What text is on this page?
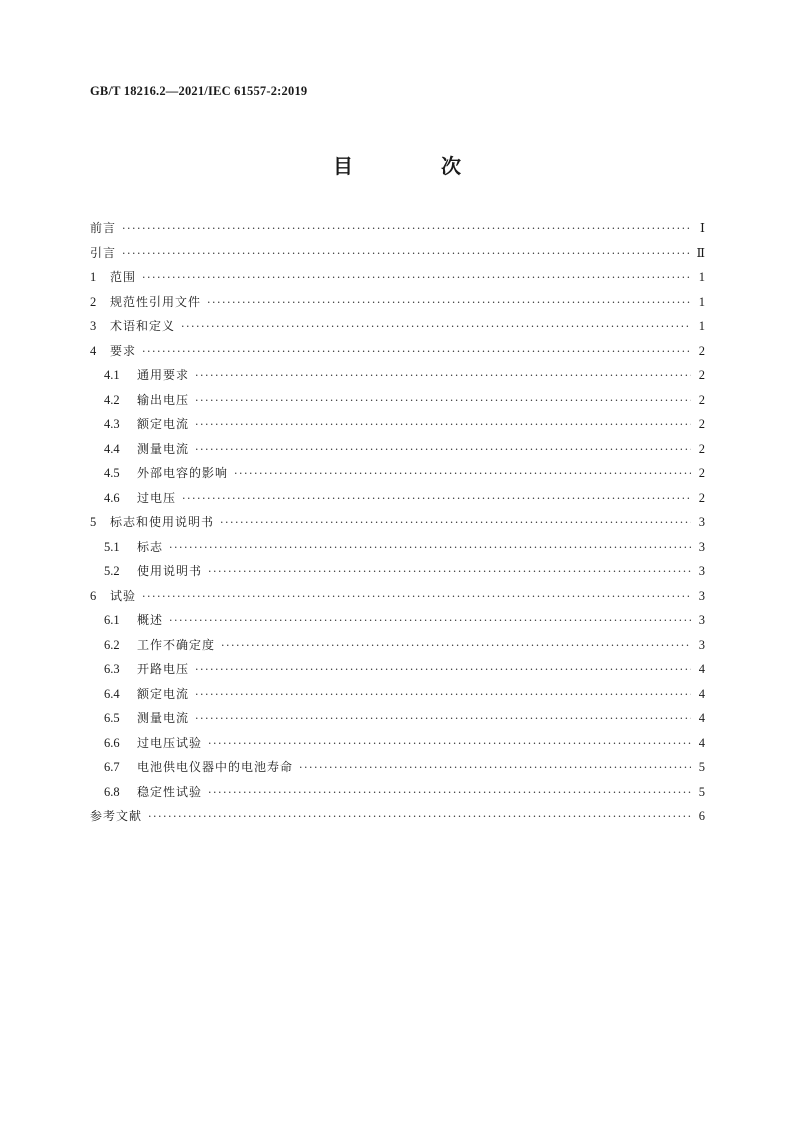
GB/T 18216.2—2021/IEC 61557-2:2019
目　次
前言 ·····	Ⅰ
引言 ·····	Ⅱ
1	范围 ·····	1
2	规范性引用文件 ·····	1
3	术语和定义 ·····	1
4	要求 ·····	2
4.1	通用要求 ·····	2
4.2	输出电压 ·····	2
4.3	额定电流 ·····	2
4.4	测量电流 ·····	2
4.5	外部电容的影响 ·····	2
4.6	过电压 ·····	2
5	标志和使用说明书 ·····	3
5.1	标志 ·····	3
5.2	使用说明书 ·····	3
6	试验 ·····	3
6.1	概述 ·····	3
6.2	工作不确定度 ·····	3
6.3	开路电压 ·····	4
6.4	额定电流 ·····	4
6.5	测量电流 ·····	4
6.6	过电压试验 ·····	4
6.7	电池供电仪器中的电池寿命 ·····	5
6.8	稳定性试验 ·····	5
参考文献 ·····	6
